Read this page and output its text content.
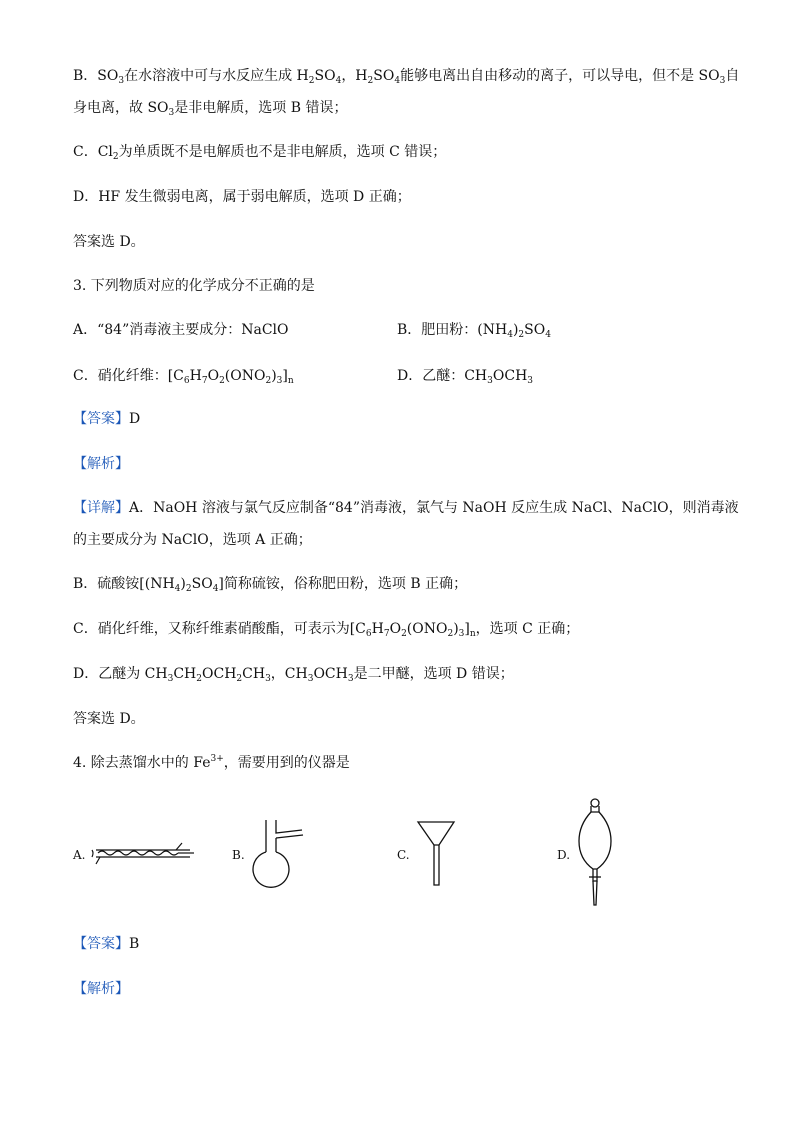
B．$SO_3$在水溶液中可与水反应生成 $H_2SO_4$，$H_2SO_4$能够电离出自由移动的离子，可以导电，但不是 $SO_3$自
身电离，故 $SO_3$是非电解质，选项 B 错误；
C．$Cl_2$为单质既不是电解质也不是非电解质，选项 C 错误；
D．HF 发生微弱电离，属于弱电解质，选项 D 正确；
答案选 D。
3. 下列物质对应的化学成分不正确的是
A．“84”消毒液主要成分：NaClO	B．肥田粉：$(NH_4)_2SO_4$
C．硝化纤维：$[C_6H_7O_2(ONO_2)_3]_n$	D．乙醚：$CH_3OCH_3$
【答案】D
【解析】
【详解】A．NaOH 溶液与氯气反应制备“84”消毒液，氯气与 NaOH 反应生成 NaCl、NaClO，则消毒液
的主要成分为 NaClO，选项 A 正确；
B．硫酸铵$[(NH_4)_2SO_4]$简称硫铵，俗称肥田粉，选项 B 正确；
C．硝化纤维，又称纤维素硝酸酯，可表示为$[C_6H_7O_2(ONO_2)_3]_n$，选项 C 正确；
D．乙醚为 $CH_3CH_2OCH_2CH_3$，$CH_3OCH_3$是二甲醚，选项 D 错误；
答案选 D。
4. 除去蒸馏水中的 $Fe^{3+}$，需要用到的仪器是
A.	B.	C.	D.
【答案】B
【解析】
